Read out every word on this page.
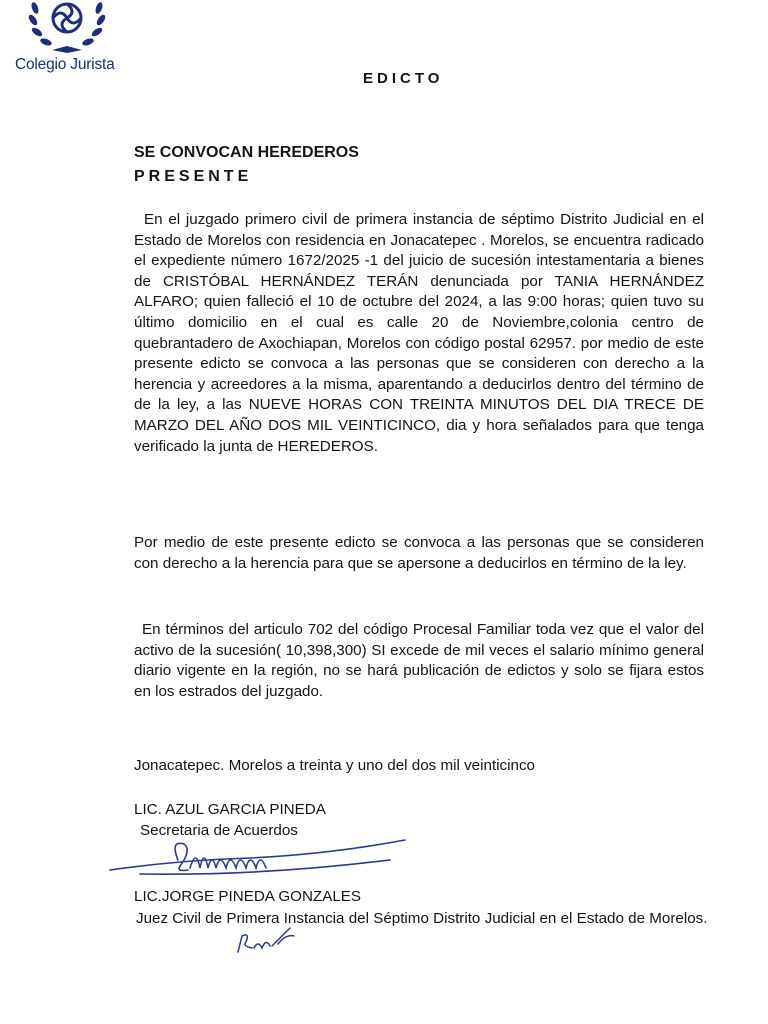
Colegio Jurista
EDICTO
SE CONVOCAN HEREDEROS
PRESENTE

En el juzgado primero civil de primera instancia de séptimo Distrito Judicial en el Estado de Morelos con residencia en Jonacatepec . Morelos, se encuentra radicado el expediente número 1672/2025 -1 del juicio de sucesión intestamentaria a bienes de CRISTÓBAL HERNÁNDEZ TERÁN denunciada por TANIA HERNÁNDEZ ALFARO; quien falleció el 10 de octubre del 2024, a las 9:00 horas; quien tuvo su último domicilio en el cual es calle 20 de Noviembre,colonia centro de quebrantadero de Axochiapan, Morelos con código postal 62957. por medio de este presente edicto se convoca a las personas que se consideren con derecho a la herencia y acreedores a la misma, aparentando a deducirlos dentro del término de de la ley, a las NUEVE HORAS CON TREINTA MINUTOS DEL DIA TRECE DE MARZO DEL AÑO DOS MIL VEINTICINCO, dia y hora señalados para que tenga verificado la junta de HEREDEROS.

Por medio de este presente edicto se convoca a las personas que se consideren con derecho a la herencia para que se apersone a deducirlos en término de la ley.

En términos del articulo 702 del código Procesal Familiar toda vez que el valor del activo de la sucesión( 10,398,300) SI excede de mil veces el salario mínimo general diario vigente en la región, no se hará publicación de edictos y solo se fijara estos en los estrados del juzgado.

Jonacatepec. Morelos a treinta y uno del dos mil veinticinco
LIC. AZUL GARCIA PINEDA
Secretaria de Acuerdos
LIC.JORGE PINEDA GONZALES
Juez Civil de Primera Instancia del Séptimo Distrito Judicial en el Estado de Morelos.
